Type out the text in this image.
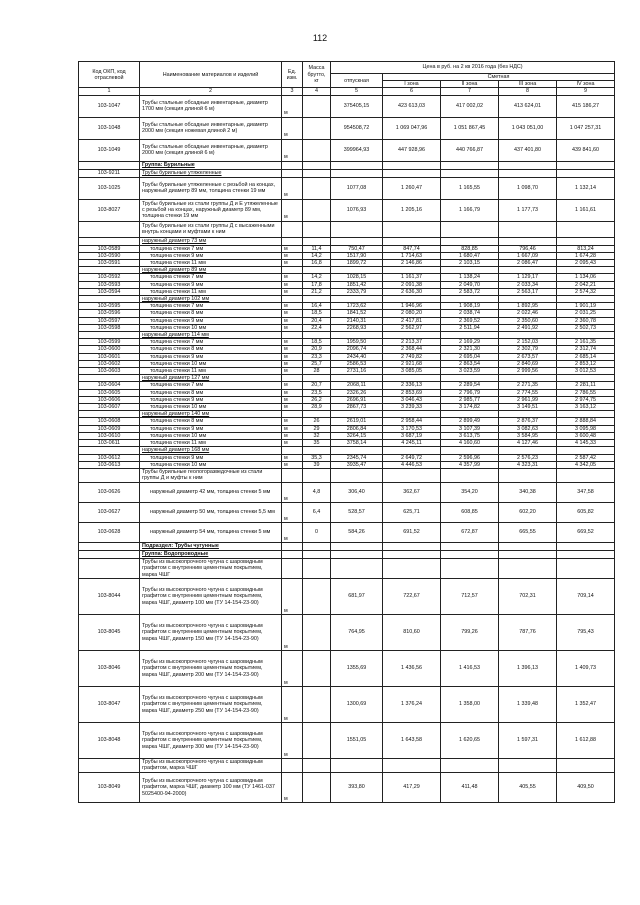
112
Код ОКП, код отраслевой	Наименование материалов и изделий	Ед. изм.	Масса брутто, кг	Цена в руб. на 2 кв 2016 года (без НДС)				
				отпускная	Сметная			
					I зона	II зона	III зона	IV зона
1	2	3	4	5	6	7	8	9
103-1047	Трубы стальные обсадные инвентарные, диаметр 1700 мм (секция длиной 6 м)	м		375405,15	423 613,03	417 002,02	413 624,01	415 186,27
103-1048	Трубы стальные обсадные инвентарные, диаметр 2000 мм (секция ножевая длиной 2 м)	м		954508,72	1 069 047,96	1 051 867,45	1 043 051,00	1 047 257,31
103-1049	Трубы стальные обсадные инвентарные, диаметр 2000 мм (секция длиной 6 м)	м		399964,93	447 928,96	440 766,87	437 401,80	439 841,60
	Группа: Бурильные							
103-9211	Трубы бурильные утяжеленные							
103-1025	Трубы бурильные утяжеленные с резьбой на концах, наружный диаметр 89 мм, толщина стенки 19 мм	м		1077,08	1 260,47	1 165,55	1 098,70	1 132,14
103-8027	Трубы бурильные из стали группы Д и Е утяжеленные с резьбой на концах, наружный диаметр 89 мм, толщина стенки 19 мм	м		1076,93	1 205,16	1 166,79	1 177,73	1 161,61
	Трубы бурильные из стали группы Д с высаженными внутрь концами и муфтами к ним							
	наружный диаметр 73 мм							
103-0589	толщина стенки 7 мм	м	11,4	750,47	847,74	828,85	796,46	813,24
103-0590	толщина стенки 9 мм	м	14,2	1517,90	1 714,63	1 680,47	1 667,09	1 674,28
103-0591	толщина стенки 11 мм	м	16,8	1899,72	2 146,86	2 103,15	2 086,47	2 095,43
	наружный диаметр 89 мм							
103-0592	толщина стенки 7 мм	м	14,2	1028,15	1 161,37	1 138,24	1 129,17	1 134,06
103-0593	толщина стенки 9 мм	м	17,8	1851,42	2 091,38	2 049,70	2 033,34	2 042,21
103-0594	толщина стенки 11 мм	м	21,2	2333,79	2 636,30	2 583,72	2 563,17	2 574,32
	наружный диаметр 102 мм							
103-0595	толщина стенки 7 мм	м	16,4	1723,62	1 946,96	1 908,19	1 892,95	1 901,19
103-0596	толщина стенки 8 мм	м	18,5	1841,52	2 080,20	2 038,74	2 022,46	2 031,25
103-0597	толщина стенки 9 мм	м	20,4	2140,31	2 417,81	2 369,52	2 350,60	2 360,78
103-0598	толщина стенки 10 мм	м	22,4	2268,93	2 562,97	2 511,94	2 491,92	2 502,73
	наружный диаметр 114 мм							
103-0599	толщина стенки 7 мм	м	18,5	1959,50	2 213,37	2 169,29	2 152,03	2 161,35
103-0600	толщина стенки 8 мм	м	20,9	2096,74	2 368,44	2 321,30	2 302,79	2 312,74
103-0601	толщина стенки 9 мм	м	23,3	2434,40	2 749,82	2 695,04	2 673,57	2 685,14
103-0602	толщина стенки 10 мм	м	25,7	2586,53	2 921,68	2 863,54	2 840,69	2 853,12
103-0603	толщина стенки 11 мм	м	28	2731,16	3 085,05	3 023,59	2 999,56	3 012,53
	наружный диаметр 127 мм							
103-0604	толщина стенки 7 мм	м	20,7	2068,11	2 336,13	2 289,54	2 271,35	2 281,11
103-0605	толщина стенки 8 мм	м	23,5	2326,26	2 853,69	2 796,79	2 774,55	2 786,55
103-0606	толщина стенки 9 мм	м	26,2	2696,91	3 046,43	2 985,77	2 961,99	2 974,75
103-0607	толщина стенки 10 мм	м	28,9	2867,73	3 239,33	3 174,82	3 149,51	3 163,12
	наружный диаметр 140 мм							
103-0608	толщина стенки 8 мм	м	26	2619,01	2 958,44	2 899,49	2 876,37	2 888,84
103-0609	толщина стенки 9 мм	м	29	2806,84	3 170,53	3 107,39	3 082,63	3 095,98
103-0610	толщина стенки 10 мм	м	32	3264,15	3 687,19	3 613,75	3 584,95	3 600,48
103-0611	толщина стенки 11 мм	м	35	3758,14	4 245,11	4 160,60	4 127,46	4 145,33
	наружный диаметр 168 мм							
103-0612	толщина стенки 9 мм	м	35,3	2345,74	2 649,72	2 596,96	2 576,23	2 587,42
103-0613	толщина стенки 10 мм	м	39	3935,47	4 446,53	4 357,99	4 323,31	4 342,05
	Трубы бурильные геологоразведочные из стали группы Д и муфты к ним							
103-0626	наружный диаметр 42 мм, толщина стенки 5 мм	м	4,8	306,40	362,67	354,20	340,38	347,58
103-0627	наружный диаметр 50 мм, толщина стенки 5,5 мм	м	6,4	528,57	625,71	608,85	602,20	605,82
103-0628	наружный диаметр 54 мм, толщина стенки 5 мм	м	0	584,26	691,52	672,87	665,55	669,52
	Подраздел: Трубы чугунные							
	Группа: Водопроводные							
	Трубы из высокопрочного чугуна с шаровидным графитом с внутренним цементным покрытием, марка ЧШГ							
103-8044	Трубы из высокопрочного чугуна с шаровидным графитом с внутренним цементным покрытием, марка ЧШГ, диаметр 100 мм (ТУ 14-154-23-90)	м		681,97	722,67	712,57	702,31	709,14
103-8045	Трубы из высокопрочного чугуна с шаровидным графитом с внутренним цементным покрытием, марка ЧШГ, диаметр 150 мм (ТУ 14-154-23-90)	м		764,95	810,60	799,26	787,76	795,43
103-8046	Трубы из высокопрочного чугуна с шаровидным графитом с внутренним цементным покрытием, марка ЧШГ, диаметр 200 мм (ТУ 14-154-23-90)	м		1355,69	1 436,56	1 416,53	1 396,13	1 409,73
103-8047	Трубы из высокопрочного чугуна с шаровидным графитом с внутренним цементным покрытием, марка ЧШГ, диаметр 250 мм (ТУ 14-154-23-90)	м		1300,69	1 376,24	1 358,00	1 339,48	1 352,47
103-8048	Трубы из высокопрочного чугуна с шаровидным графитом с внутренним цементным покрытием, марка ЧШГ, диаметр 300 мм (ТУ 14-154-23-90)	м		1551,05	1 643,58	1 620,65	1 597,31	1 612,88
	Трубы из высокопрочного чугуна с шаровидным графитом, марка ЧШГ							
103-8049	Трубы из высокопрочного чугуна с шаровидным графитом, марка ЧШГ, диаметр 100 мм (ТУ 1461-037 5025400-94-2000)	м		393,80	417,29	411,48	405,55	409,50
